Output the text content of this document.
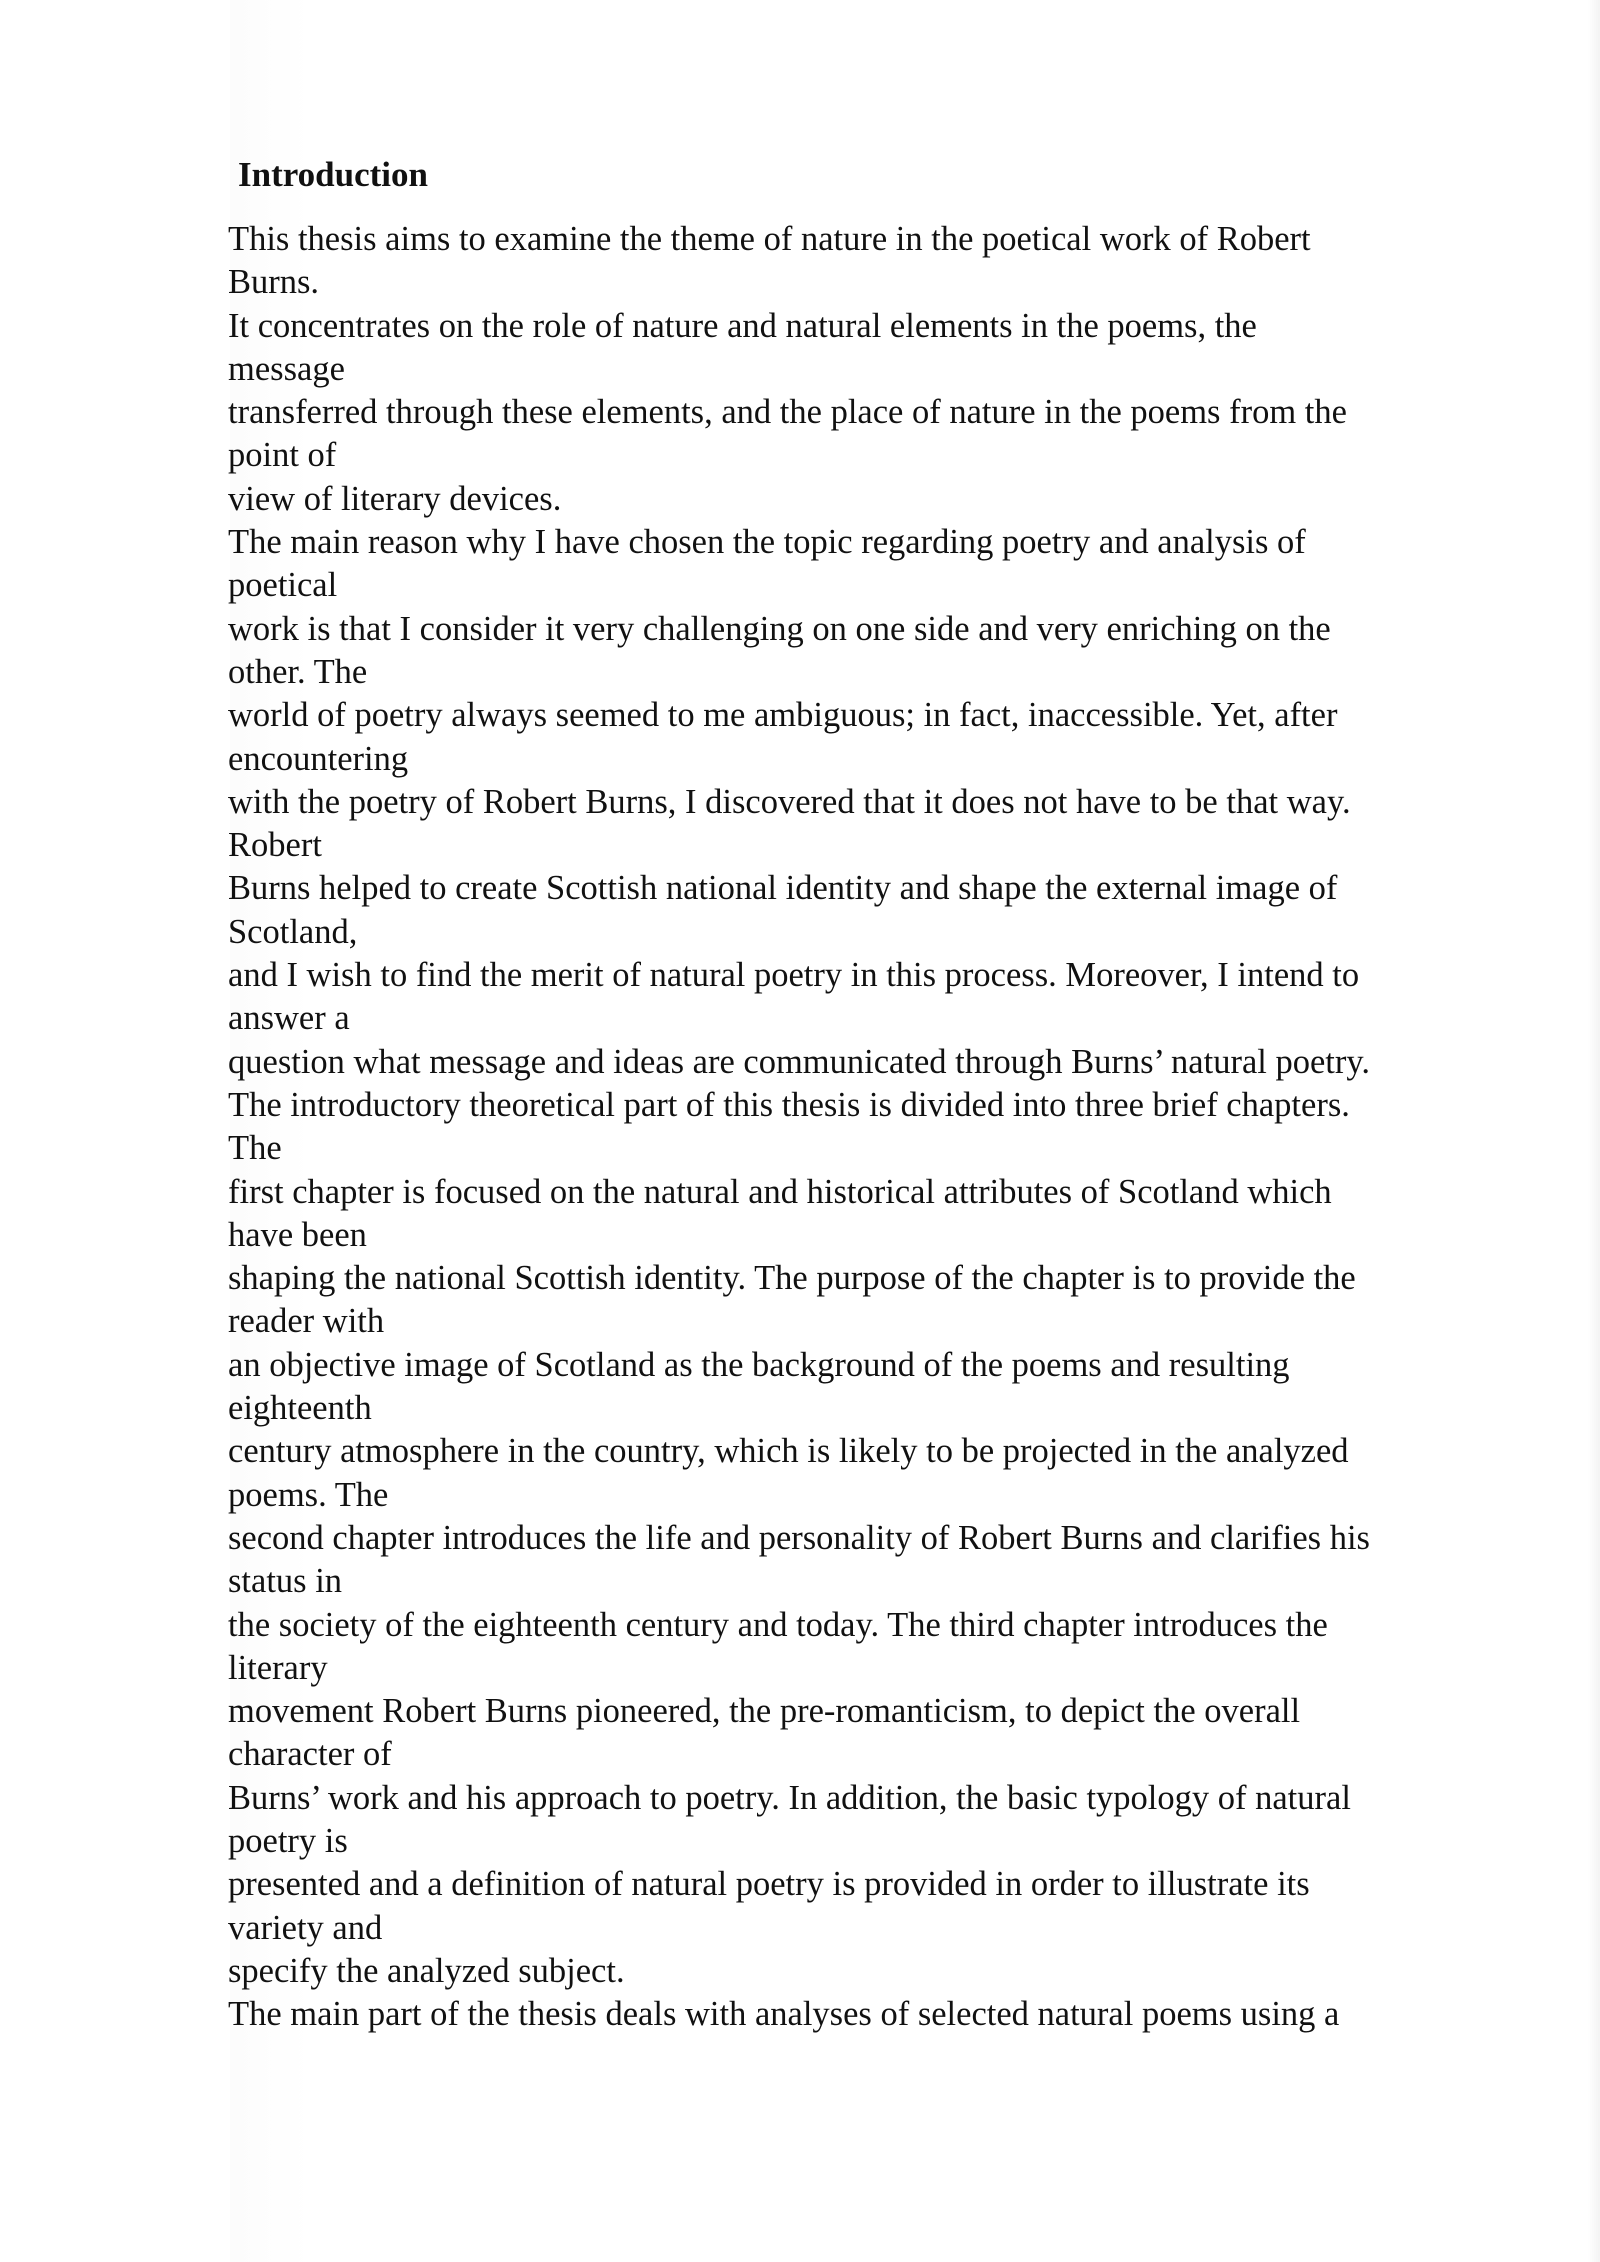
Introduction
This thesis aims to examine the theme of nature in the poetical work of Robert
Burns.
It concentrates on the role of nature and natural elements in the poems, the
message
transferred through these elements, and the place of nature in the poems from the
point of
view of literary devices.
The main reason why I have chosen the topic regarding poetry and analysis of
poetical
work is that I consider it very challenging on one side and very enriching on the
other. The
world of poetry always seemed to me ambiguous; in fact, inaccessible. Yet, after
encountering
with the poetry of Robert Burns, I discovered that it does not have to be that way.
Robert
Burns helped to create Scottish national identity and shape the external image of
Scotland,
and I wish to find the merit of natural poetry in this process. Moreover, I intend to
answer a
question what message and ideas are communicated through Burns’ natural poetry.
The introductory theoretical part of this thesis is divided into three brief chapters.
The
first chapter is focused on the natural and historical attributes of Scotland which
have been
shaping the national Scottish identity. The purpose of the chapter is to provide the
reader with
an objective image of Scotland as the background of the poems and resulting
eighteenth
century atmosphere in the country, which is likely to be projected in the analyzed
poems. The
second chapter introduces the life and personality of Robert Burns and clarifies his
status in
the society of the eighteenth century and today. The third chapter introduces the
literary
movement Robert Burns pioneered, the pre-romanticism, to depict the overall
character of
Burns’ work and his approach to poetry. In addition, the basic typology of natural
poetry is
presented and a definition of natural poetry is provided in order to illustrate its
variety and
specify the analyzed subject.
The main part of the thesis deals with analyses of selected natural poems using a
